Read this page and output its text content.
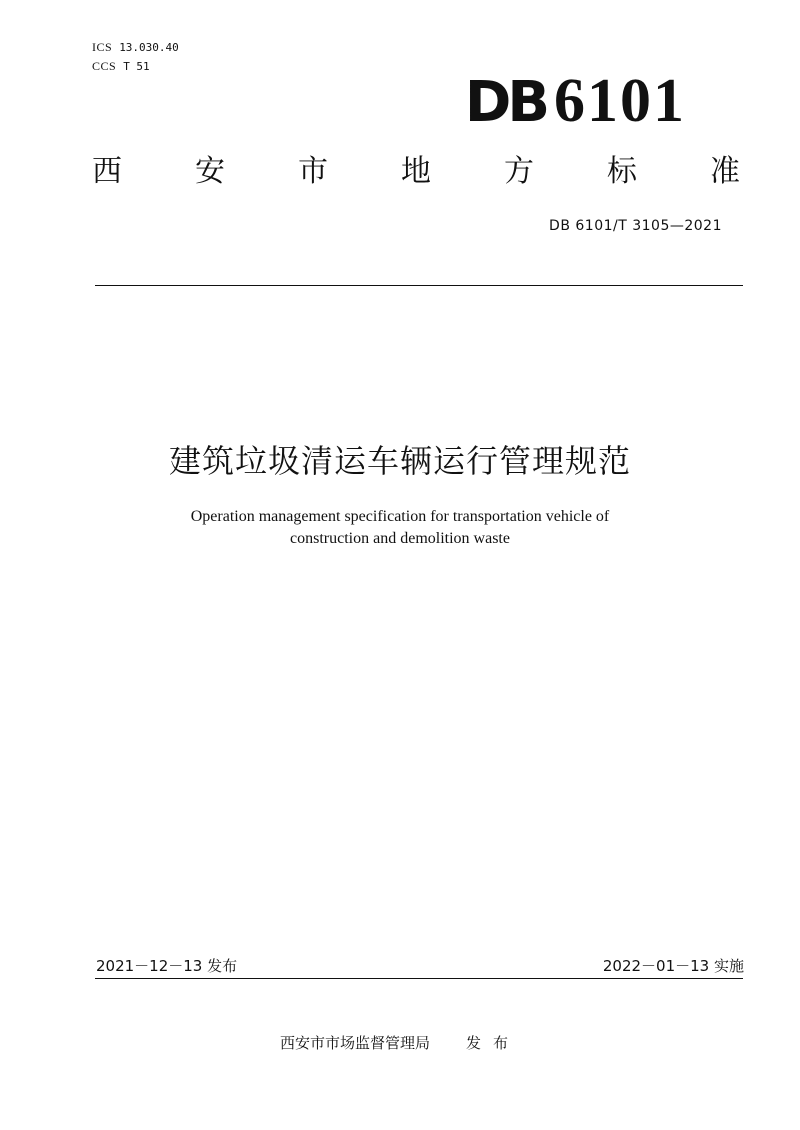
ICS 13.030.40
CCS T 51
DB 6101
西 安 市 地 方 标 准
DB 6101/T 3105—2021
建筑垃圾清运车辆运行管理规范
Operation management specification for transportation vehicle of
construction and demolition waste
2021－12－13 发布	2022－01－13 实施
西安市市场监督管理局 发布
